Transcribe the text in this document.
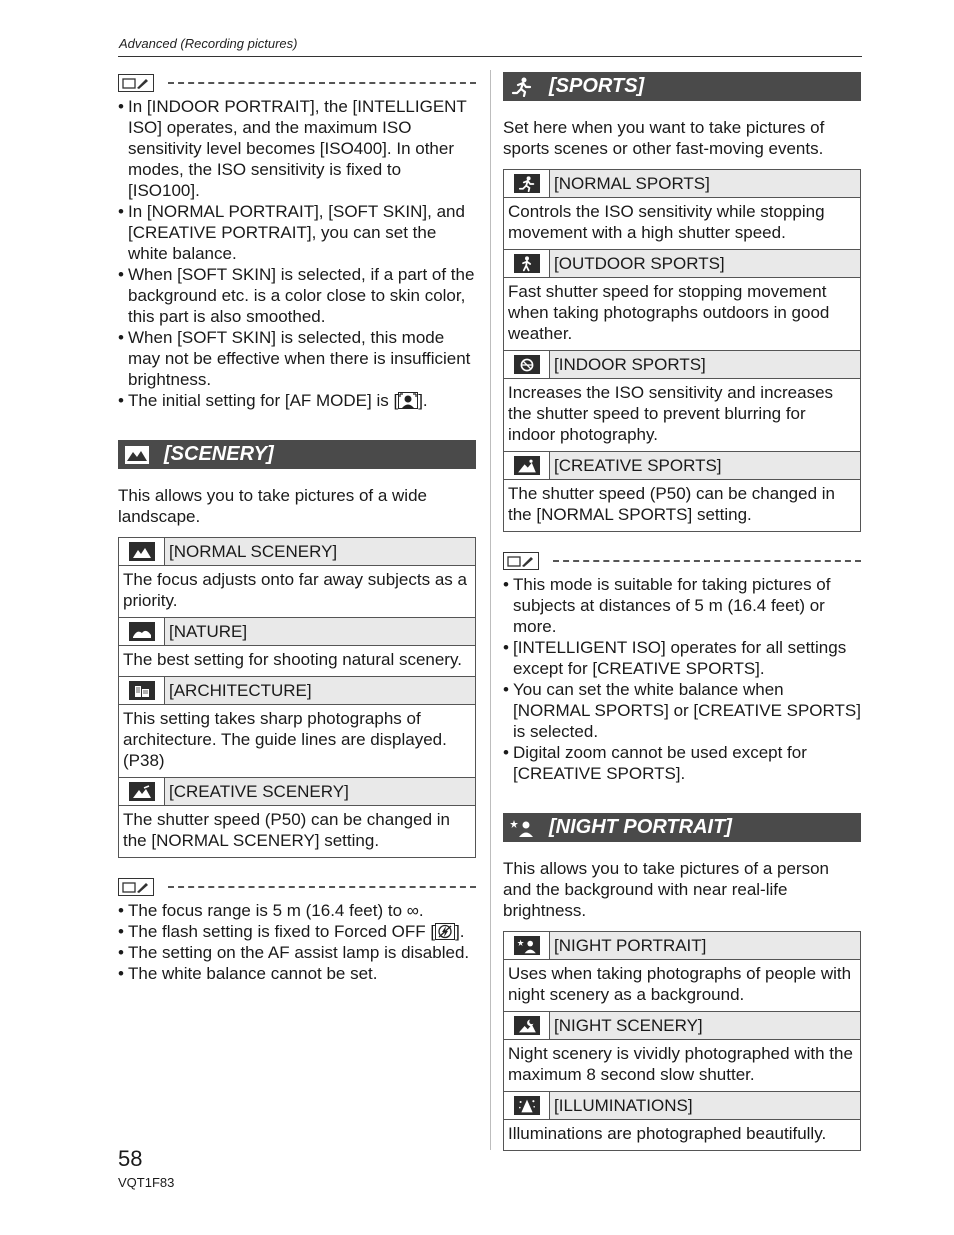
Advanced (Recording pictures)
• In [INDOOR PORTRAIT], the [INTELLIGENT ISO] operates, and the maximum ISO sensitivity level becomes [ISO400]. In other modes, the ISO sensitivity is fixed to [ISO100].
• In [NORMAL PORTRAIT], [SOFT SKIN], and [CREATIVE PORTRAIT], you can set the white balance.
• When [SOFT SKIN] is selected, if a part of the background etc. is a color close to skin color, this part is also smoothed.
• When [SOFT SKIN] is selected, this mode may not be effective when there is insufficient brightness.
• The initial setting for [AF MODE] is [ ].
[SCENERY]

This allows you to take pictures of a wide landscape.

[NORMAL SCENERY]
The focus adjusts onto far away subjects as a priority.
[NATURE]
The best setting for shooting natural scenery.
[ARCHITECTURE]
This setting takes sharp photographs of architecture. The guide lines are displayed. (P38)
[CREATIVE SCENERY]
The shutter speed (P50) can be changed in the [NORMAL SCENERY] setting.
• The focus range is 5 m (16.4 feet) to ∞.
• The flash setting is fixed to Forced OFF [ ].
• The setting on the AF assist lamp is disabled.
• The white balance cannot be set.
[SPORTS]

Set here when you want to take pictures of sports scenes or other fast-moving events.

[NORMAL SPORTS]
Controls the ISO sensitivity while stopping movement with a high shutter speed.
[OUTDOOR SPORTS]
Fast shutter speed for stopping movement when taking photographs outdoors in good weather.
[INDOOR SPORTS]
Increases the ISO sensitivity and increases the shutter speed to prevent blurring for indoor photography.
[CREATIVE SPORTS]
The shutter speed (P50) can be changed in the [NORMAL SPORTS] setting.
• This mode is suitable for taking pictures of subjects at distances of 5 m (16.4 feet) or more.
• [INTELLIGENT ISO] operates for all settings except for [CREATIVE SPORTS].
• You can set the white balance when [NORMAL SPORTS] or [CREATIVE SPORTS] is selected.
• Digital zoom cannot be used except for [CREATIVE SPORTS].
[NIGHT PORTRAIT]

This allows you to take pictures of a person and the background with near real-life brightness.

[NIGHT PORTRAIT]
Uses when taking photographs of people with night scenery as a background.
[NIGHT SCENERY]
Night scenery is vividly photographed with the maximum 8 second slow shutter.
[ILLUMINATIONS]
Illuminations are photographed beautifully.
58
VQT1F83
